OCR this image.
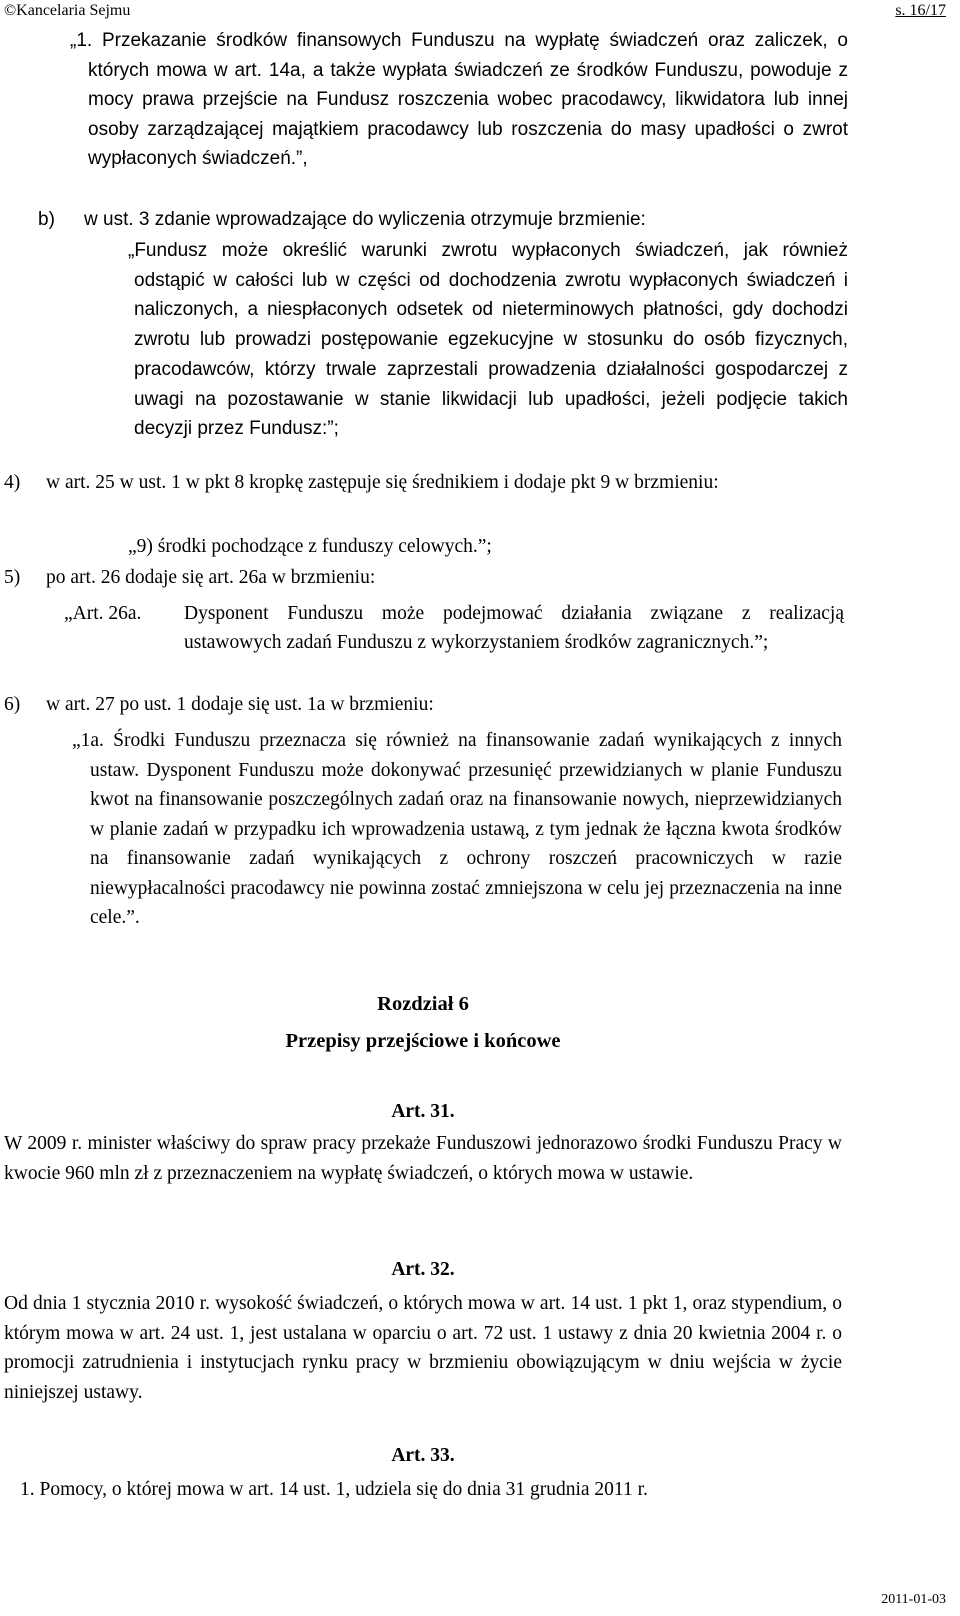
©Kancelaria Sejmu	s. 16/17

„1. Przekazanie środków finansowych Funduszu na wypłatę świadczeń oraz zaliczek, o których mowa w art. 14a, a także wypłata świadczeń ze środków Funduszu, powoduje z mocy prawa przejście na Fundusz roszczenia wobec pracodawcy, likwidatora lub innej osoby zarządzającej majątkiem pracodawcy lub roszczenia do masy upadłości o zwrot wypłaconych świadczeń.”,

b) w ust. 3 zdanie wprowadzające do wyliczenia otrzymuje brzmienie:

„Fundusz może określić warunki zwrotu wypłaconych świadczeń, jak również odstąpić w całości lub w części od dochodzenia zwrotu wypłaconych świadczeń i naliczonych, a niespłaconych odsetek od nieterminowych płatności, gdy dochodzi zwrotu lub prowadzi postępowanie egzekucyjne w stosunku do osób fizycznych, pracodawców, którzy trwale zaprzestali prowadzenia działalności gospodarczej z uwagi na pozostawanie w stanie likwidacji lub upadłości, jeżeli podjęcie takich decyzji przez Fundusz:”;

4) w art. 25 w ust. 1 w pkt 8 kropkę zastępuje się średnikiem i dodaje pkt 9 w brzmieniu:

„9) środki pochodzące z funduszy celowych.”;

5) po art. 26 dodaje się art. 26a w brzmieniu:
„Art. 26a. Dysponent Funduszu może podejmować działania związane z realizacją ustawowych zadań Funduszu z wykorzystaniem środków zagranicznych.”;
6) w art. 27 po ust. 1 dodaje się ust. 1a w brzmieniu:

„1a. Środki Funduszu przeznacza się również na finansowanie zadań wynikających z innych ustaw. Dysponent Funduszu może dokonywać przesunięć przewidzianych w planie Funduszu kwot na finansowanie poszczególnych zadań oraz na finansowanie nowych, nieprzewidzianych w planie zadań w przypadku ich wprowadzenia ustawą, z tym jednak że łączna kwota środków na finansowanie zadań wynikających z ochrony roszczeń pracowniczych w razie niewypłacalności pracodawcy nie powinna zostać zmniejszona w celu jej przeznaczenia na inne cele.”.

Rozdział 6
Przepisy przejściowe i końcowe
Art. 31.

W 2009 r. minister właściwy do spraw pracy przekaże Funduszowi jednorazowo środki Funduszu Pracy w kwocie 960 mln zł z przeznaczeniem na wypłatę świadczeń, o których mowa w ustawie.

Art. 32.

Od dnia 1 stycznia 2010 r. wysokość świadczeń, o których mowa w art. 14 ust. 1 pkt 1, oraz stypendium, o którym mowa w art. 24 ust. 1, jest ustalana w oparciu o art. 72 ust. 1 ustawy z dnia 20 kwietnia 2004 r. o promocji zatrudnienia i instytucjach rynku pracy w brzmieniu obowiązującym w dniu wejścia w życie niniejszej ustawy.

Art. 33.

1. Pomocy, o której mowa w art. 14 ust. 1, udziela się do dnia 31 grudnia 2011 r.

2011-01-03
